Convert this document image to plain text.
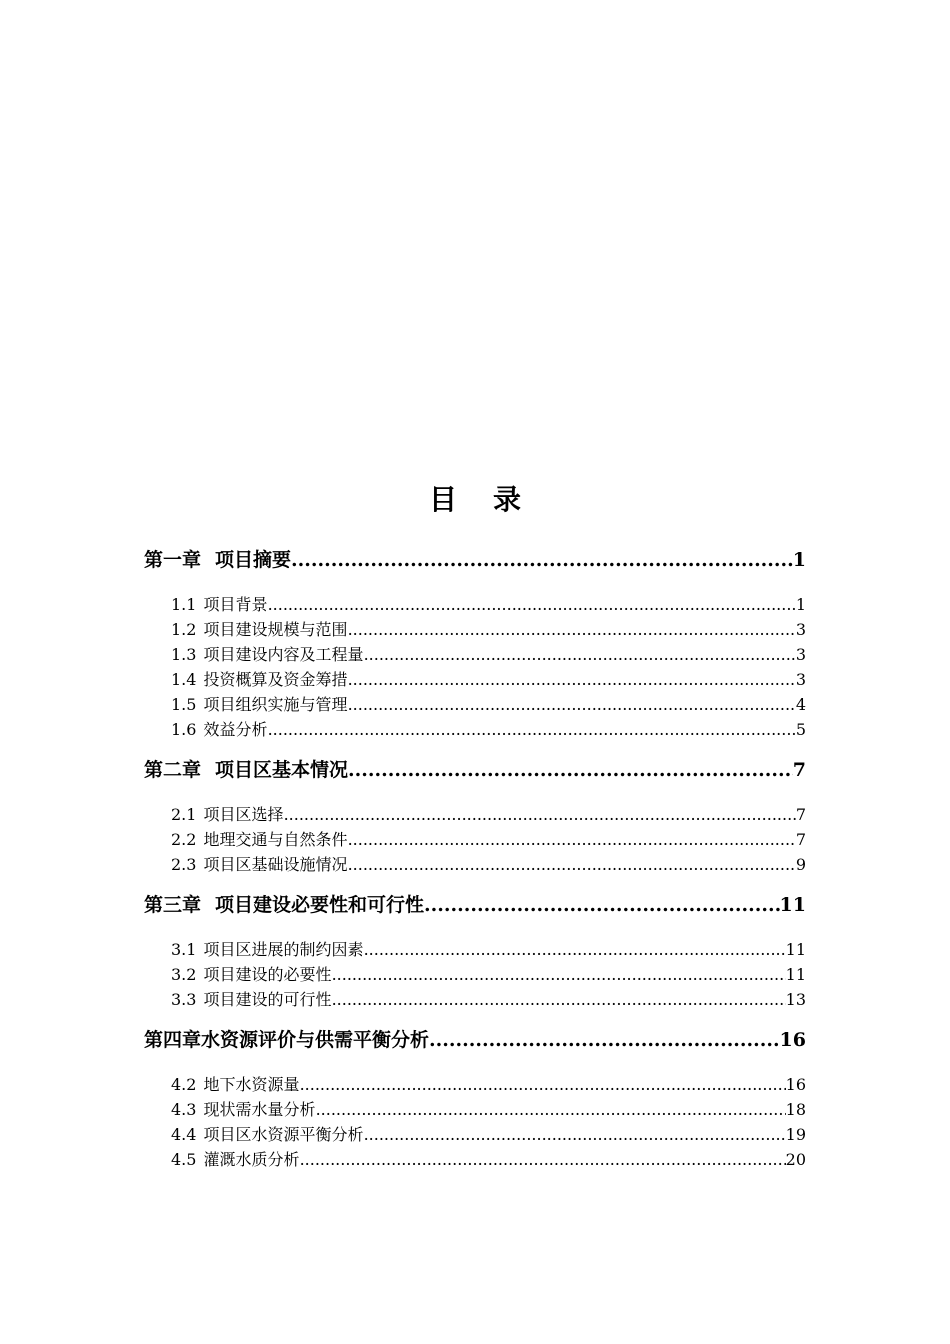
目录
第一章 项目摘要 .....	1
1.1 项目背景 .....	1
1.2 项目建设规模与范围 .....	3
1.3 项目建设内容及工程量 .....	3
1.4 投资概算及资金筹措 .....	3
1.5 项目组织实施与管理 .....	4
1.6 效益分析 .....	5
第二章 项目区基本情况 .....	7
2.1 项目区选择 .....	7
2.2 地理交通与自然条件 .....	7
2.3 项目区基础设施情况 .....	9
第三章 项目建设必要性和可行性 .....	11
3.1 项目区进展的制约因素 .....	11
3.2 项目建设的必要性 .....	11
3.3 项目建设的可行性 .....	13
第四章水资源评价与供需平衡分析 .....	16
4.2 地下水资源量 .....	16
4.3 现状需水量分析 .....	18
4.4 项目区水资源平衡分析 .....	19
4.5 灌溉水质分析 .....	20
